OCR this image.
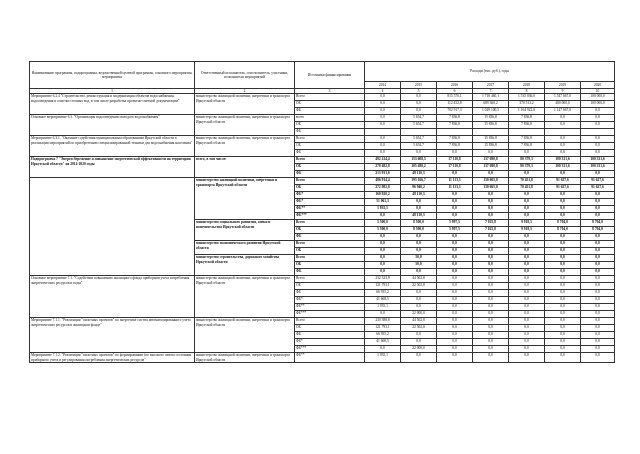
Наименование программы, подпрограммы, ведомственной целевой программы, основного мероприятия, мероприятия	Ответственный исполнитель, соисполнитель, участники, исполнители мероприятий	Источники финансирования	Расходы (тыс. руб.), годы						
			2014	2015	2016	2017	2018	2019	2020
1	2	3	4	5	6	7	8	9	10
Мероприятие 6.2.4 "Строительство, реконструкция и модернизация объектов водоснабжения, водоотведения и очистки сточных вод, в том числе разработка проектно-сметной документации"	министерство жилищной политики, энергетики и транспорта Иркутской области	Всего	0,0	0,0	815 570,1	1 718 460,1	1 535 836,0	1 547 667,0	100 000,0
		ОБ	0,0	0,0	112 452,8	689 360,2	370 513,2	400 000,0	100 000,0
		ФБ	0,0	0,0	702 917,3	1 029 100,5	1 164 922,8	1 147 667,0	0,0
Основное мероприятие 6.3. "Организация водоотведения молодого водоснабжения"	министерство жилищной политики, энергетики и транспорта Иркутской области	всего	0,0	5 654,7	7 836,8	15 836,8	7 836,8	0,0	0,0
		ОБ	0,0	5 654,7	7 836,8	15 836,8	7 836,8	0,0	0,0
		ФБ							
Мероприятие 6.3.1. "Оказание содействия муниципальным образованиям Иркутской области в реализации мероприятий по приобретению специализированной техники для водоснабжения населения"	министерство жилищной политики, энергетики и транспорта Иркутской области	Всего	0,0	5 654,7	7 836,8	15 836,8	7 836,8	0,0	0,0
		ОБ	0,0	5 654,7	7 836,8	15 836,8	7 836,8	0,0	0,0
		ФБ	0,0	0,0	0,0	0,0	0,0	0,0	0,0
Подпрограмма 7 "Энергосбережение и повышение энергетической эффективности на территории Иркутской области" на 2014-2020 годы	всего, в том числе:	Всего	492 414,4	153 608,5	17 110,8	137 690,8	80 379,3	100 331,6	100 331,6
		ОБ	278 482,8	105 498,2	17 110,8	137 690,8	80 379,3	100 331,6	100 331,6
		ФБ	213 931,6	48 110,3	0,0	0,0	0,0	0,0	0,0
	министерство жилищной политики, энергетики и транспорта Иркутской области	Всего	486 914,4	193 166,7	11 113,3	130 665,0	70 451,8	91 627,6	91 627,6
		ОБ	272 982,8	96 940,2	11 113,3	130 665,0	70 451,8	91 627,6	91 627,6
		ФБ*	160 920,2	48 110,3	0,0	0,0	0,0	0,0	0,0
		ФБ*	51 061,3	0,0	0,0	0,0	0,0	0,0	0,0
		ФБ**	1 935,1	0,0	0,0	0,0	0,0	0,0	0,0
		ФБ***	0,0	48 110,3	0,0	0,0	0,0	0,0	0,0
	министерство социального развития, опеки и попечительства Иркутской области	Всего	5 500,0	8 500,0	5 997,5	7 025,8	9 918,5	8 704,0	8 704,0
		ОБ	5 500,0	8 500,0	5 997,5	7 025,8	9 918,5	8 704,0	8 704,0
		ФБ	0,0	0,0	0,0	0,0	0,0	0,0	0,0
	министерство экономического развития Иркутской области	Всего	0,0	0,0	0,0	0,0	0,0	0,0	0,0
		ОБ	0,0	0,0	0,0	0,0	0,0	0,0	0,0
	министерство строительства, дорожного хозяйства Иркутской области	Всего	0,0	50,0	0,0	0,0	0,0	0,0	0,0
		ОБ	0,0	50,0	0,0	0,0	0,0	0,0	0,0
		ФБ	0,0	0,0	0,0	0,0	0,0	0,0	0,0
Основное мероприятие 7.1. "Содействие повышению жилищного фонда приборами учета потребления энергетических ресурсов и воды"	министерство жилищной политики, энергетики и транспорта Иркутской области	Всего	232 323,9	44 502,8	0,0	0,0	0,0	0,0	0,0
		ОБ	121 793,1	22 502,8	0,0	0,0	0,0	0,0	0,0
		ФБ	66 935,2	0,0	0,0	0,0	0,0	0,0	0,0
		ФБ*	41 668,5	0,0	0,0	0,0	0,0	0,0	0,0
		ФБ**	1 935,1	0,0	0,0	0,0	0,0	0,0	0,0
		ФБ***	0,0	22 000,0	0,0	0,0	0,0	0,0	0,0
Мероприятие 7.1.1. "Реализация "пилотных проектов" по энергетике систем автоматизированного учета энергетических ресурсов в жилищном фонде"	министерство жилищной политики, энергетики и транспорта Иркутской области	Всего	230 388,8	44 502,8	0,0	0,0	0,0	0,0	0,0
		ОБ	121 793,1	22 502,8	0,0	0,0	0,0	0,0	0,0
		ФБ	66 935,2	0,0	0,0	0,0	0,0	0,0	0,0
		ФБ*	41 668,5	0,0	0,0	0,0	0,0	0,0	0,0
		ФБ***	0,0	22 000,0	0,0	0,0	0,0	0,0	0,0
Мероприятие 7.1.2. "Реализация "пилотных проектов" по формированию (по высокого охвата состояния приборного учета и регулирования потребления энергетических ресурсов"	министерство жилищной политики, энергетики и транспорта Иркутской области	ФБ**	1 935,1	0,0	0,0	0,0	0,0	0,0	0,0
